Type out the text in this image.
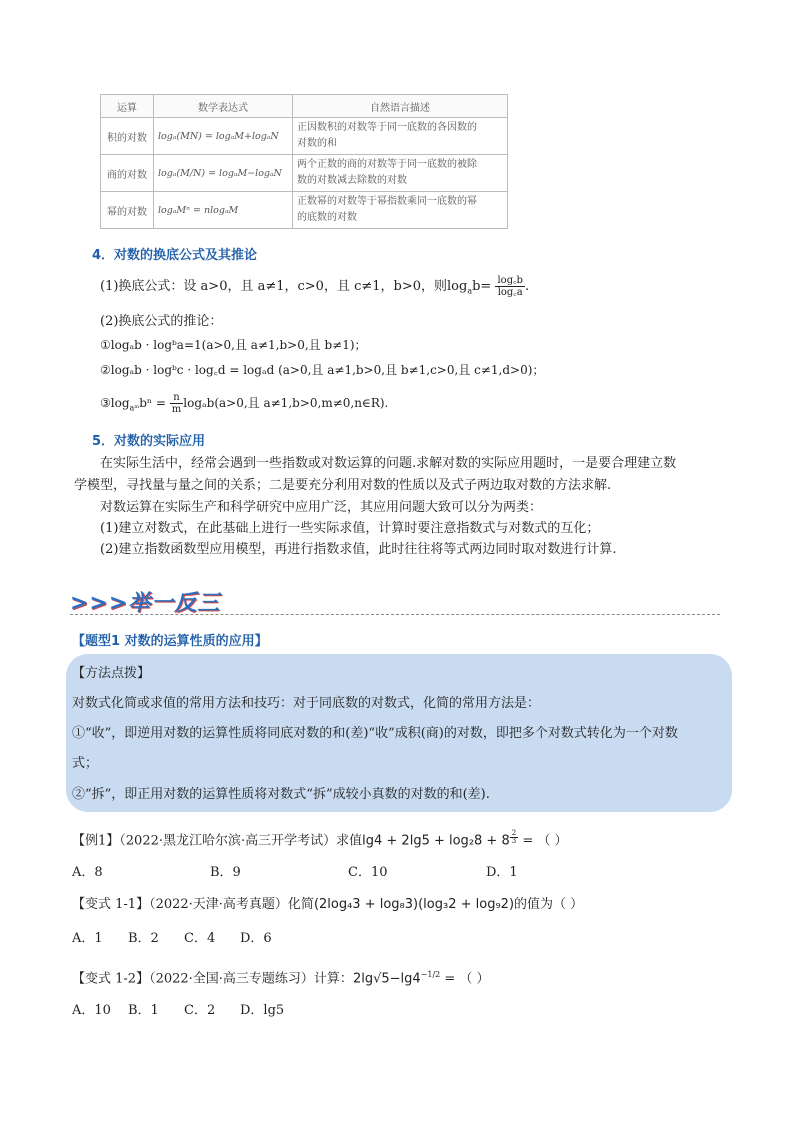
运算	数学表达式	自然语言描述
积的对数	logₐ(MN) = logₐM+logₐN	正因数积的对数等于同一底数的各因数的
对数的和
商的对数	logₐ(M/N) = logₐM−logₐN	两个正数的商的对数等于同一底数的被除
数的对数减去除数的对数
幂的对数	logₐMⁿ = nlogₐM	正数幂的对数等于幂指数乘同一底数的幂
的底数的对数
4．对数的换底公式及其推论
(1)换底公式：设 a>0，且 a≠1，c>0，且 c≠1，b>0，则$\log_ab= \frac{\log꜀b}{\log꜀a}$ .
(2)换底公式的推论：
①logₐb · logᵇa=1(a>0,且 a≠1,b>0,且 b≠1)；
②logₐb · logᵇc · log꜀d = logₐd (a>0,且 a≠1,b>0,且 b≠1,c>0,且 c≠1,d>0)；
$③\log_{aᵐ}b^n = \frac{n}{m} \log_ab(a>0$,且 a≠1,b>0,m≠0,n∈R).
5．对数的实际应用
在实际生活中，经常会遇到一些指数或对数运算的问题.求解对数的实际应用题时，一是要合理建立数
学模型，寻找量与量之间的关系；二是要充分利用对数的性质以及式子两边取对数的方法求解.
对数运算在实际生产和科学研究中应用广泛，其应用问题大致可以分为两类：
(1)建立对数式，在此基础上进行一些实际求值，计算时要注意指数式与对数式的互化；
(2)建立指数函数型应用模型，再进行指数求值，此时往往将等式两边同时取对数进行计算.
>>>举一反三
【题型1 对数的运算性质的应用】
【方法点拨】
对数式化简或求值的常用方法和技巧：对于同底数的对数式，化简的常用方法是：
①“收”，即逆用对数的运算性质将同底对数的和(差)“收”成积(商)的对数，即把多个对数式转化为一个对数
式；
②“拆”，即正用对数的运算性质将对数式“拆”成较小真数的对数的和(差).
【例1】（2022·黑龙江哈尔滨·高三开学考试）求值lg4 + 2lg5 + log₂8 + 8 $^{\frac{2}{3}}$ = （ ）
A．8	B．9	C．10	D．1
【变式 1-1】（2022·天津·高考真题）化简(2log₄3 + log₈3)(log₃2 + log₉2)的值为（ ）
A．1 B．2 C．4 D．6
【变式 1-2】（2022·全国·高三专题练习）计算：$2\lg√5-\lg 4^{-1/2}$ = （ ）
A．10 B．1 C．2 D．lg5
